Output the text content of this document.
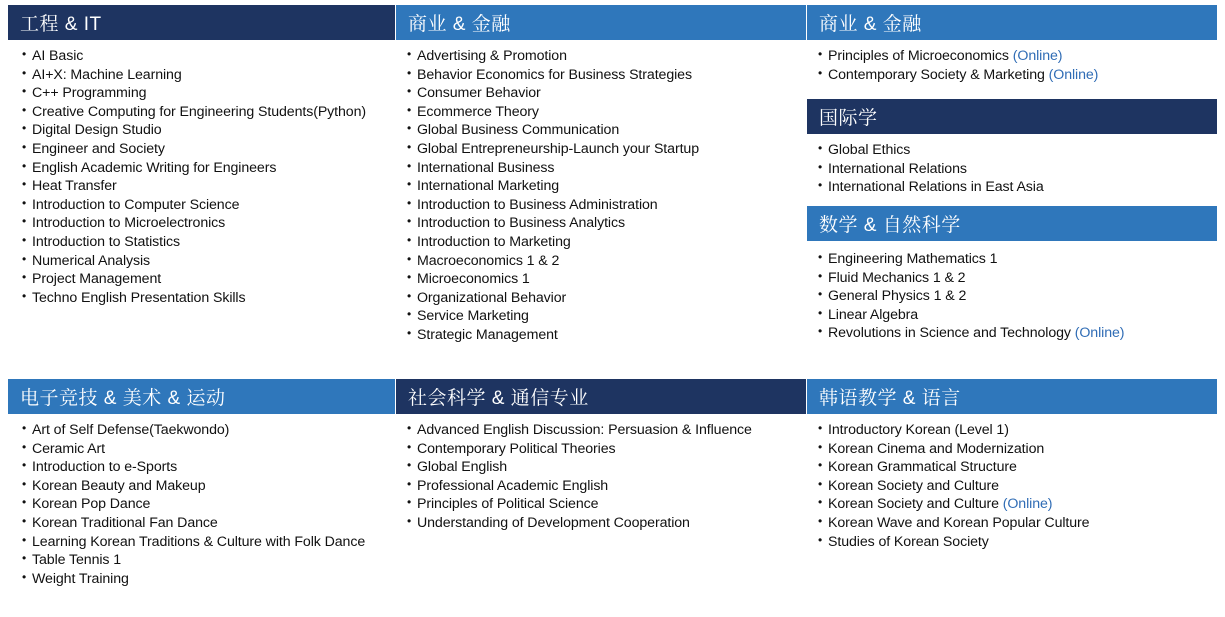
工程 & IT
• AI Basic
• AI+X: Machine Learning
• C++ Programming
• Creative Computing for Engineering Students(Python)
• Digital Design Studio
• Engineer and Society
• English Academic Writing for Engineers
• Heat Transfer
• Introduction to Computer Science
• Introduction to Microelectronics
• Introduction to Statistics
• Numerical Analysis
• Project Management
• Techno English Presentation Skills
商业 & 金融
• Advertising & Promotion
• Behavior Economics for Business Strategies
• Consumer Behavior
• Ecommerce Theory
• Global Business Communication
• Global Entrepreneurship-Launch your Startup
• International Business
• International Marketing
• Introduction to Business Administration
• Introduction to Business Analytics
• Introduction to Marketing
• Macroeconomics 1 & 2
• Microeconomics 1
• Organizational Behavior
• Service Marketing
• Strategic Management
商业 & 金融
• Principles of Microeconomics (Online)
• Contemporary Society & Marketing (Online)
国际学
• Global Ethics
• International Relations
• International Relations in East Asia
数学 & 自然科学
• Engineering Mathematics 1
• Fluid Mechanics 1 & 2
• General Physics 1 & 2
• Linear Algebra
• Revolutions in Science and Technology (Online)
电子竞技 & 美术 & 运动
• Art of Self Defense(Taekwondo)
• Ceramic Art
• Introduction to e-Sports
• Korean Beauty and Makeup
• Korean Pop Dance
• Korean Traditional Fan Dance
• Learning Korean Traditions & Culture with Folk Dance
• Table Tennis 1
• Weight Training
社会科学 & 通信专业
• Advanced English Discussion: Persuasion & Influence
• Contemporary Political Theories
• Global English
• Professional Academic English
• Principles of Political Science
• Understanding of Development Cooperation
韩语教学 & 语言
• Introductory Korean (Level 1)
• Korean Cinema and Modernization
• Korean Grammatical Structure
• Korean Society and Culture
• Korean Society and Culture (Online)
• Korean Wave and Korean Popular Culture
• Studies of Korean Society
